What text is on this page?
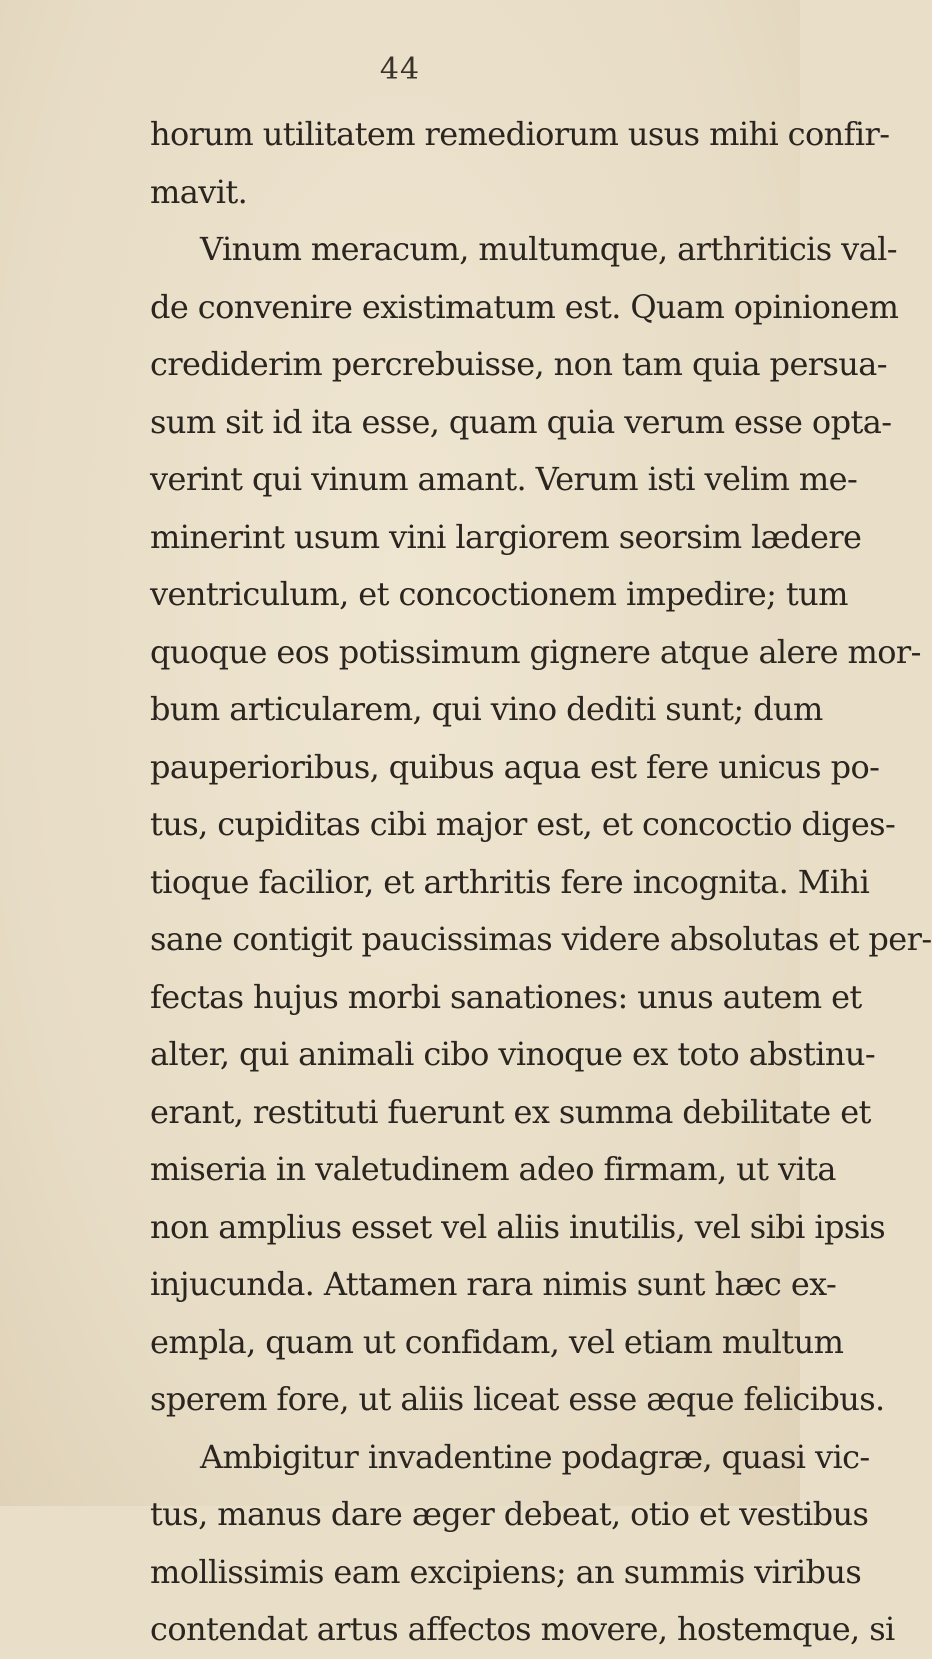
44
horum utilitatem remediorum usus mihi confir-
mavit.
Vinum meracum, multumque, arthriticis val-
de convenire existimatum est. Quam opinionem
crediderim percrebuisse, non tam quia persua-
sum sit id ita esse, quam quia verum esse opta-
verint qui vinum amant. Verum isti velim me-
minerint usum vini largiorem seorsim lædere
ventriculum, et concoctionem impedire; tum
quoque eos potissimum gignere atque alere mor-
bum articularem, qui vino dediti sunt; dum
pauperioribus, quibus aqua est fere unicus po-
tus, cupiditas cibi major est, et concoctio diges-
tioque facilior, et arthritis fere incognita. Mihi
sane contigit paucissimas videre absolutas et per-
fectas hujus morbi sanationes: unus autem et
alter, qui animali cibo vinoque ex toto abstinu-
erant, restituti fuerunt ex summa debilitate et
miseria in valetudinem adeo firmam, ut vita
non amplius esset vel aliis inutilis, vel sibi ipsis
injucunda. Attamen rara nimis sunt hæc ex-
empla, quam ut confidam, vel etiam multum
sperem fore, ut aliis liceat esse æque felicibus.
Ambigitur invadentine podagræ, quasi vic-
tus, manus dare æger debeat, otio et vestibus
mollissimis eam excipiens; an summis viribus
contendat artus affectos movere, hostemque, si
